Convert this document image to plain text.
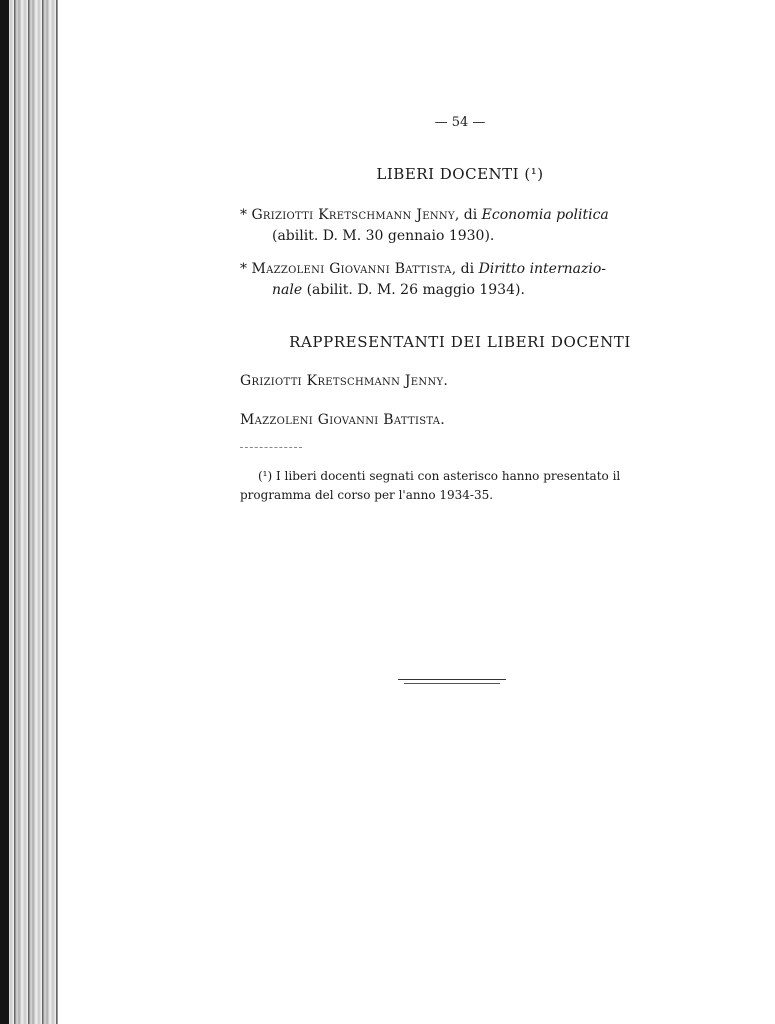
— 54 —
LIBERI DOCENTI (¹)
* Griziotti Kretschmann Jenny, di Economia politica
(abilit. D. M. 30 gennaio 1930).
* Mazzoleni Giovanni Battista, di Diritto internazio-
nale (abilit. D. M. 26 maggio 1934).
RAPPRESENTANTI DEI LIBERI DOCENTI
Griziotti Kretschmann Jenny.
Mazzoleni Giovanni Battista.
(¹) I liberi docenti segnati con asterisco hanno presentato il programma del corso per l'anno 1934-35.
